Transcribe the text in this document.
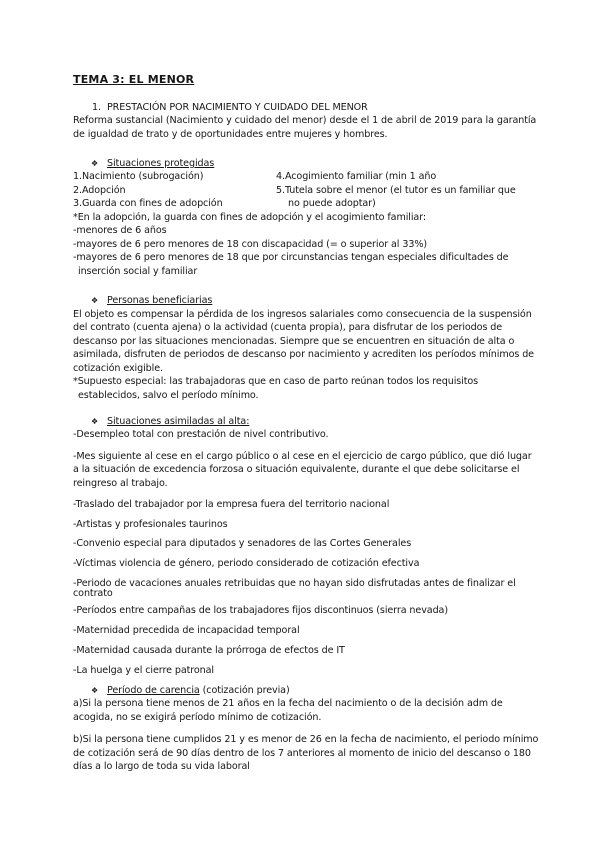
TEMA 3: EL MENOR
1. PRESTACIÓN POR NACIMIENTO Y CUIDADO DEL MENOR
Reforma sustancial (Nacimiento y cuidado del menor) desde el 1 de abril de 2019 para la garantía
de igualdad de trato y de oportunidades entre mujeres y hombres.
❖ Situaciones protegidas
1.Nacimiento (subrogación)
2.Adopción
3.Guarda con fines de adopción
4.Acogimiento familiar (min 1 año
5.Tutela sobre el menor (el tutor es un familiar que
no puede adoptar)
*En la adopción, la guarda con fines de adopción y el acogimiento familiar:
-menores de 6 años
-mayores de 6 pero menores de 18 con discapacidad (= o superior al 33%)
-mayores de 6 pero menores de 18 que por circunstancias tengan especiales dificultades de
inserción social y familiar
❖ Personas beneficiarias
El objeto es compensar la pérdida de los ingresos salariales como consecuencia de la suspensión
del contrato (cuenta ajena) o la actividad (cuenta propia), para disfrutar de los periodos de
descanso por las situaciones mencionadas. Siempre que se encuentren en situación de alta o
asimilada, disfruten de periodos de descanso por nacimiento y acrediten los períodos mínimos de
cotización exigible.
*Supuesto especial: las trabajadoras que en caso de parto reúnan todos los requisitos
establecidos, salvo el período mínimo.
❖ Situaciones asimiladas al alta:
-Desempleo total con prestación de nivel contributivo.
-Mes siguiente al cese en el cargo público o al cese en el ejercicio de cargo público, que dió lugar
a la situación de excedencia forzosa o situación equivalente, durante el que debe solicitarse el
reingreso al trabajo.
-Traslado del trabajador por la empresa fuera del territorio nacional
-Artistas y profesionales taurinos
-Convenio especial para diputados y senadores de las Cortes Generales
-Víctimas violencia de género, periodo considerado de cotización efectiva
-Periodo de vacaciones anuales retribuidas que no hayan sido disfrutadas antes de finalizar el
contrato
-Períodos entre campañas de los trabajadores fijos discontinuos (sierra nevada)
-Maternidad precedida de incapacidad temporal
-Maternidad causada durante la prórroga de efectos de IT
-La huelga y el cierre patronal
❖ Período de carencia (cotización previa)
a)Si la persona tiene menos de 21 años en la fecha del nacimiento o de la decisión adm de
acogida, no se exigirá período mínimo de cotización.
b)Si la persona tiene cumplidos 21 y es menor de 26 en la fecha de nacimiento, el periodo mínimo
de cotización será de 90 días dentro de los 7 anteriores al momento de inicio del descanso o 180
días a lo largo de toda su vida laboral
